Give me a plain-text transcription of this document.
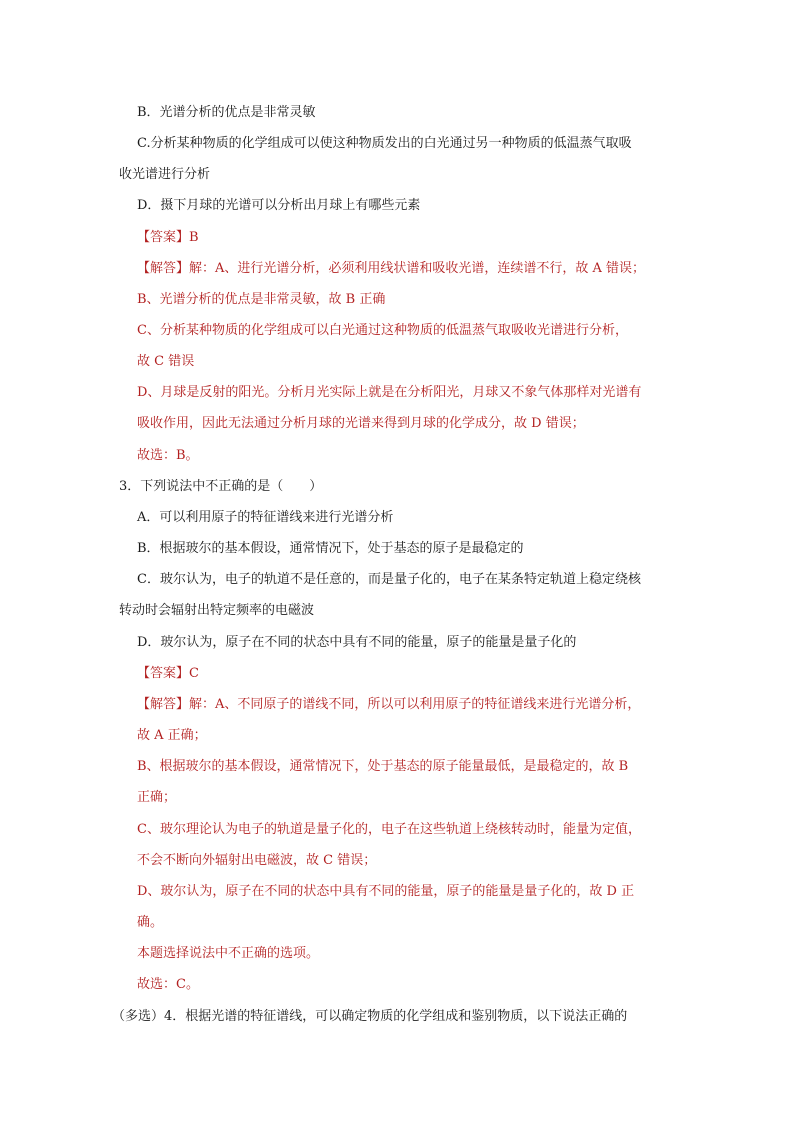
B．光谱分析的优点是非常灵敏
C.分析某种物质的化学组成可以使这种物质发出的白光通过另一种物质的低温蒸气取吸
收光谱进行分析
D．摄下月球的光谱可以分析出月球上有哪些元素
【答案】B
【解答】解：A、进行光谱分析，必须利用线状谱和吸收光谱，连续谱不行，故 A 错误；
B、光谱分析的优点是非常灵敏，故 B 正确
C、分析某种物质的化学组成可以白光通过这种物质的低温蒸气取吸收光谱进行分析，
故 C 错误
D、月球是反射的阳光。分析月光实际上就是在分析阳光，月球又不象气体那样对光谱有
吸收作用，因此无法通过分析月球的光谱来得到月球的化学成分，故 D 错误；
故选：B。
3．下列说法中不正确的是（　　）
A．可以利用原子的特征谱线来进行光谱分析
B．根据玻尔的基本假设，通常情况下，处于基态的原子是最稳定的
C．玻尔认为，电子的轨道不是任意的，而是量子化的，电子在某条特定轨道上稳定绕核
转动时会辐射出特定频率的电磁波
D．玻尔认为，原子在不同的状态中具有不同的能量，原子的能量是量子化的
【答案】C
【解答】解：A、不同原子的谱线不同，所以可以利用原子的特征谱线来进行光谱分析，
故 A 正确；
B、根据玻尔的基本假设，通常情况下，处于基态的原子能量最低，是最稳定的，故 B
正确；
C、玻尔理论认为电子的轨道是量子化的，电子在这些轨道上绕核转动时，能量为定值，
不会不断向外辐射出电磁波，故 C 错误；
D、玻尔认为，原子在不同的状态中具有不同的能量，原子的能量是量子化的，故 D 正
确。
本题选择说法中不正确的选项。
故选：C。
（多选）4．根据光谱的特征谱线，可以确定物质的化学组成和鉴别物质，以下说法正确的
